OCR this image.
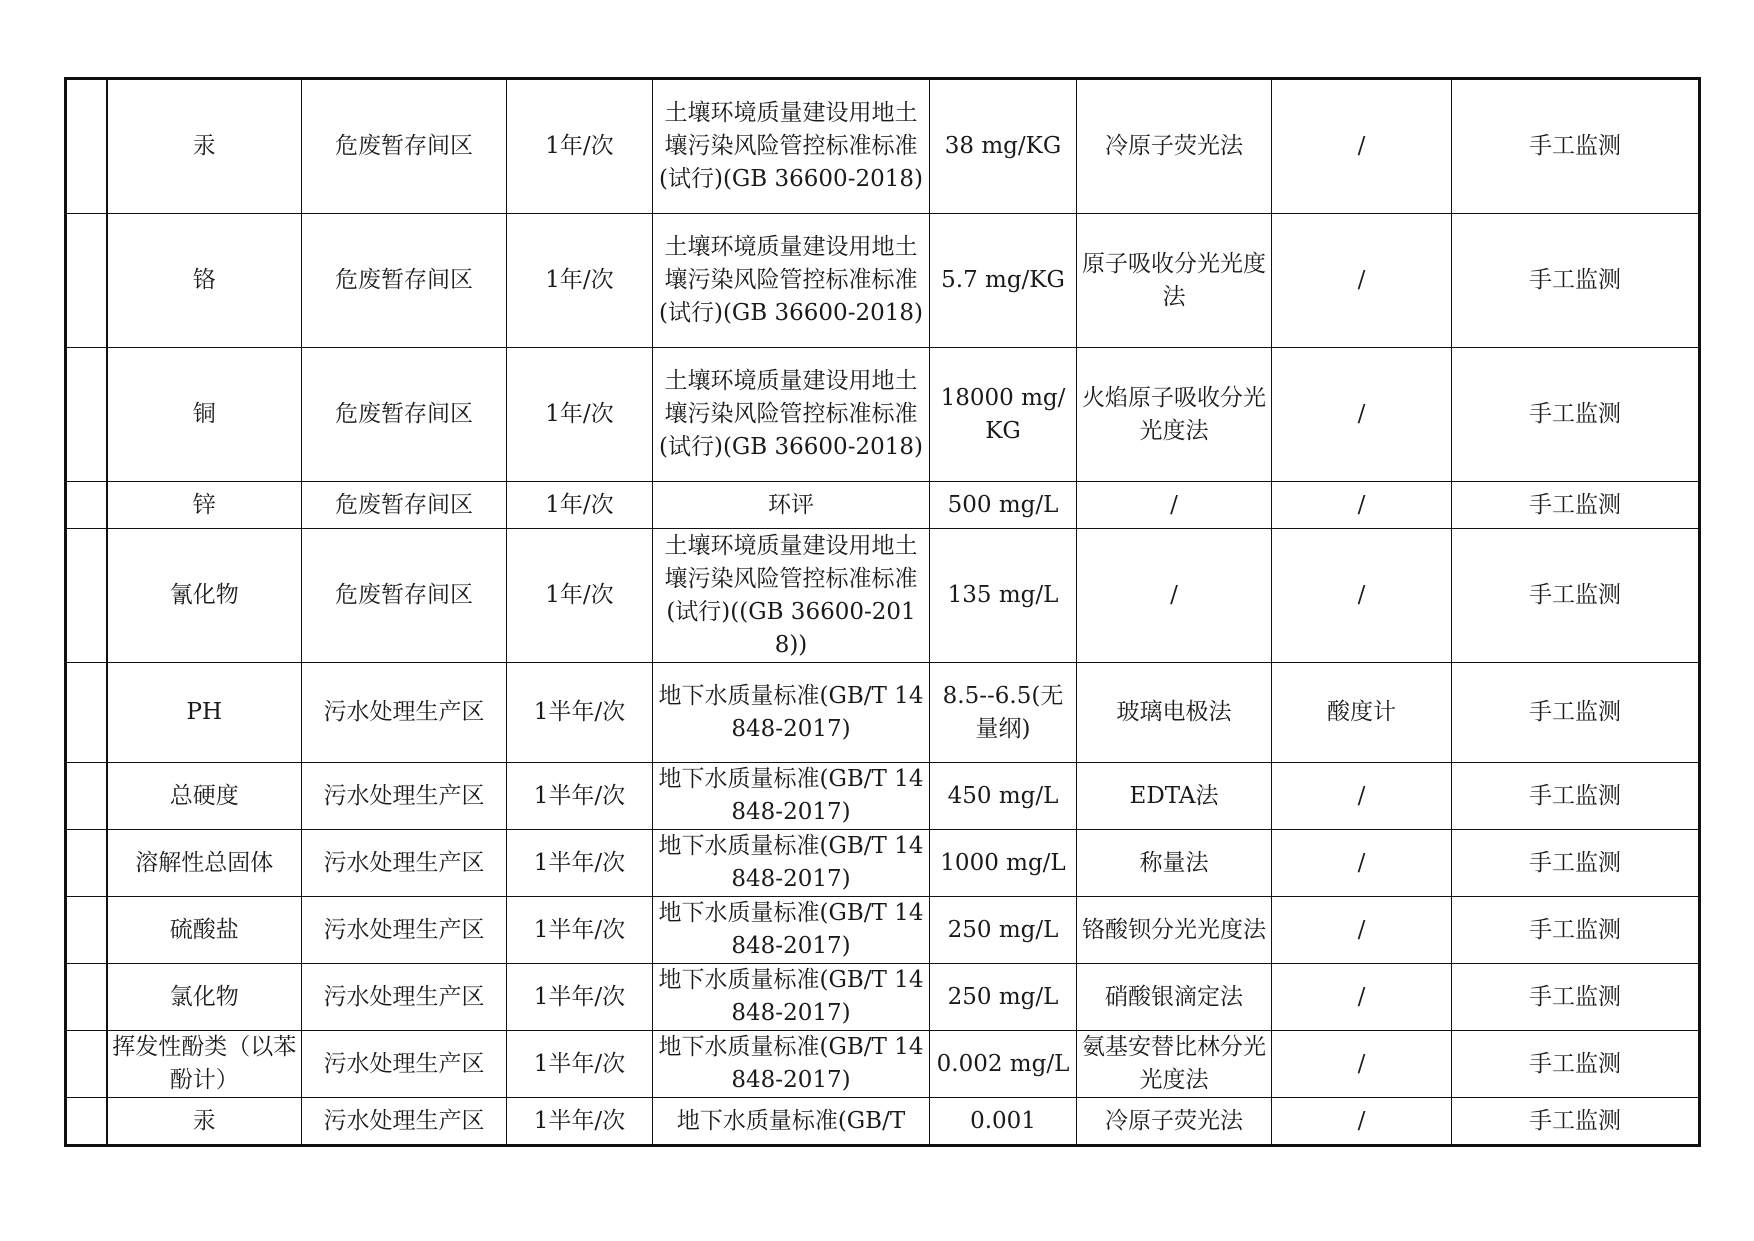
	汞	危废暂存间区	1年/次	土壤环境质量建设用地土壤污染风险管控标准标准(试行)(GB 36600-2018)	38 mg/KG	冷原子荧光法	/	手工监测
	铬	危废暂存间区	1年/次	土壤环境质量建设用地土壤污染风险管控标准标准(试行)(GB 36600-2018)	5.7 mg/KG	原子吸收分光光度法	/	手工监测
	铜	危废暂存间区	1年/次	土壤环境质量建设用地土壤污染风险管控标准标准(试行)(GB 36600-2018)	18000 mg/KG	火焰原子吸收分光光度法	/	手工监测
	锌	危废暂存间区	1年/次	环评	500 mg/L	/	/	手工监测
	氰化物	危废暂存间区	1年/次	土壤环境质量建设用地土壤污染风险管控标准标准(试行)((GB 36600-2018))	135 mg/L	/	/	手工监测
	PH	污水处理生产区	1半年/次	地下水质量标准(GB/T 14848-2017)	8.5--6.5(无量纲)	玻璃电极法	酸度计	手工监测
	总硬度	污水处理生产区	1半年/次	地下水质量标准(GB/T 14848-2017)	450 mg/L	EDTA法	/	手工监测
	溶解性总固体	污水处理生产区	1半年/次	地下水质量标准(GB/T 14848-2017)	1000 mg/L	称量法	/	手工监测
	硫酸盐	污水处理生产区	1半年/次	地下水质量标准(GB/T 14848-2017)	250 mg/L	铬酸钡分光光度法	/	手工监测
	氯化物	污水处理生产区	1半年/次	地下水质量标准(GB/T 14848-2017)	250 mg/L	硝酸银滴定法	/	手工监测
	挥发性酚类（以苯酚计）	污水处理生产区	1半年/次	地下水质量标准(GB/T 14848-2017)	0.002 mg/L	氨基安替比林分光光度法	/	手工监测
	汞	污水处理生产区	1半年/次	地下水质量标准(GB/T	0.001	冷原子荧光法	/	手工监测
